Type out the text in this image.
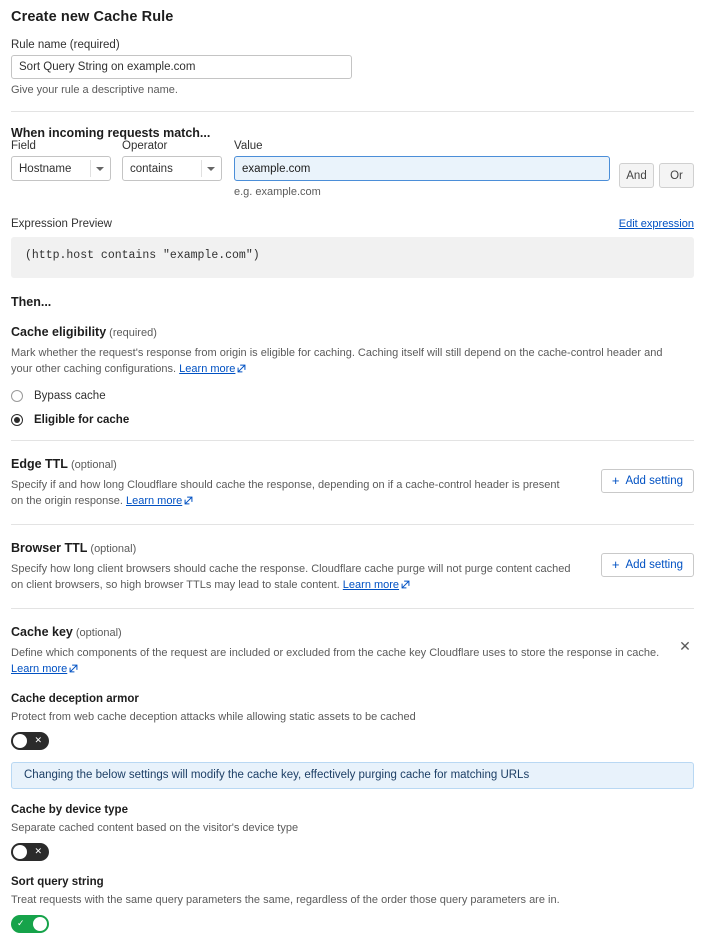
Create new Cache Rule
Rule name (required)
Sort Query String on example.com
Give your rule a descriptive name.
When incoming requests match...
Field
Hostname
Operator
contains
Value
example.com
e.g. example.com
And	Or
Expression Preview	Edit expression
(http.host contains "example.com")
Then...
Cache eligibility (required)
Mark whether the request's response from origin is eligible for caching. Caching itself will still depend on the cache-control header and your other caching configurations. Learn more
Bypass cache
Eligible for cache
Edge TTL (optional)
Specify if and how long Cloudflare should cache the response, depending on if a cache-control header is present on the origin response. Learn more
+ Add setting
Browser TTL (optional)
Specify how long client browsers should cache the response. Cloudflare cache purge will not purge content cached on client browsers, so high browser TTLs may lead to stale content. Learn more
+ Add setting
Cache key (optional)
✕
Define which components of the request are included or excluded from the cache key Cloudflare uses to store the response in cache. Learn more
Cache deception armor
Protect from web cache deception attacks while allowing static assets to be cached
✕
Changing the below settings will modify the cache key, effectively purging cache for matching URLs
Cache by device type
Separate cached content based on the visitor's device type
✕
Sort query string
Treat requests with the same query parameters the same, regardless of the order those query parameters are in.
✓
